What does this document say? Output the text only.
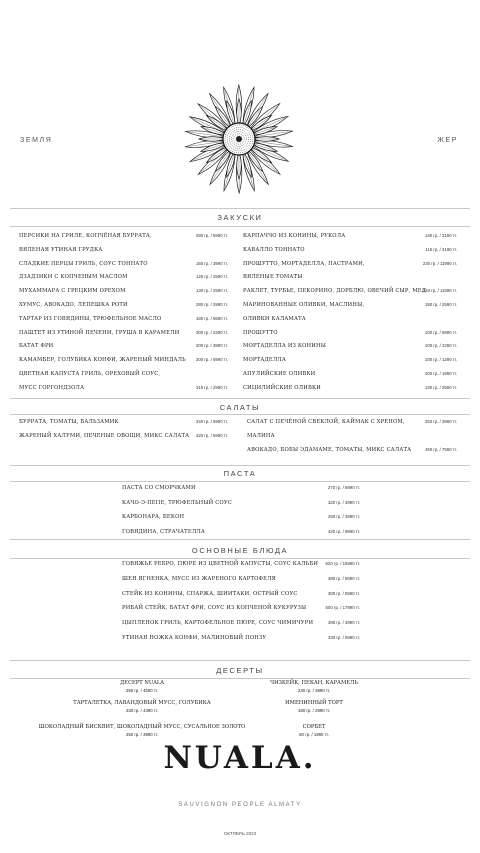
ЗЕМЛЯ	ЖЕР
ЗАКУСКИ
ПЕРСИКИ НА ГРИЛЕ, КОПЧЁНАЯ БУРРАТА,	280 гр. / 5990 тг.
ВЯЛЕНАЯ УТИНАЯ ГРУДКА
СЛАДКИЕ ПЕРЦЫ ГРИЛЬ, СОУС ТОННАТО	160 гр. / 3990 тг.
ДЗАДЗИКИ С КОПЧЕНЫМ МАСЛОМ	125 гр. / 2590 тг.
МУХАММАРА С ГРЕЦКИМ ОРЕХОМ	130 гр. / 2590 тг.
ХУМУС, АВОКАДО, ЛЕПЕШКА РОТИ	280 гр. / 2990 тг.
ТАРТАР ИЗ ГОВЯДИНЫ, ТРЮФЕЛЬНОЕ МАСЛО	180 гр. / 6590 тг.
ПАШТЕТ ИЗ УТИНОЙ ПЕЧЕНИ, ГРУША В КАРАМЕЛИ	300 гр. / 2290 тг.
БАТАТ ФРИ	200 гр. / 3990 тг.
КАМАМБЕР, ГОЛУБИКА КОНФИ, ЖАРЕНЫЙ МИНДАЛЬ 200 гр. / 6990 тг.
ЦВЕТНАЯ КАПУСТА ГРИЛЬ, ОРЕХОВЫЙ СОУС,
МУСС ГОРГОНДЗОЛА	310 гр. / 2990 тг.
КАРПАЧЧО ИЗ КОНИНЫ, РУКОЛА	140 гр. / 3190 тг.
КАВАЛЛО ТОННАТО	115 гр. / 3190 тг.
ПРОШУТТО, МОРТАДЕЛЛА, ПАСТРАМИ,	230 гр. / 11990 тг.
ВЯЛЕНЫЕ ТОМАТЫ
РАКЛЕТ, ТУРБЬЕ, ПЕКОРИНО, ДОРБЛЮ, ОВЕЧИЙ СЫР, МЕД
210 гр. / 11990 тг.
МАРИНОВАННЫЕ ОЛИВКИ, МАСЛИНЫ,	150 гр. / 2590 тг.
ОЛИВКИ КАЛАМАТА
ПРОШУТТО	100 гр. / 6990 тг.
МОРТАДЕЛЛА ИЗ КОНИНЫ	100 гр. / 2290 тг.
МОРТАДЕЛЛА	100 гр. / 1290 тг.
АПУЛИЙСКИЕ ОЛИВКИ	100 гр. / 1990 тг.
СИЦИЛИЙСКИЕ ОЛИВКИ	130 гр. / 2590 тг.
САЛАТЫ
БУРРАТА, ТОМАТЫ, БАЛЬЗАМИК	340 гр. / 6990 тг.
ЖАРЕНЫЙ ХАЛУМИ, ПЕЧЕНЫЕ ОВОЩИ, МИКС САЛАТА 420 гр. / 6990 тг.
САЛАТ С ПЕЧЁНОЙ СВЕКЛОЙ, КАЙМАК С ХРЕНОМ,	250 гр. / 3990 тг.
МАЛИНА
АВОКАДО, БОБЫ ЭДАМАМЕ, ТОМАТЫ, МИКС САЛАТА	450 гр. / 7590 тг.
ПАСТА
ПАСТА СО СМОРЧКАМИ	270 гр. / 6990 тг.
КАЧО-Э-ПЕПЕ, ТРЮФЕЛЬНЫЙ СОУС	320 гр. / 4990 тг.
КАРБОНАРА, БЕКОН	250 гр. / 3990 тг.
ГОВЯДИНА, СТРАЧАТЕЛЛА	420 гр. / 9990 тг.
ОСНОВНЫЕ БЛЮДА
ГОВЯЖЬЕ РЕБРО, ПЮРЕ ИЗ ЦВЕТНОЙ КАПУСТЫ, СОУС КАЛЬБИ 620 гр. / 15990 тг.
ШЕЯ ЯГНЕНКА, МУСС ИЗ ЖАРЕНОГО КАРТОФЕЛЯ	380 гр. / 5590 тг.
СТЕЙК ИЗ КОНИНЫ, СПАРЖА, ШИИТАКИ, ОСТРЫЙ СОУС	300 гр. / 5990 тг.
РИБАЙ СТЕЙК, БАТАТ ФРИ, СОУС ИЗ КОПЧЕНОЙ КУКУРУЗЫ	500 гр. / 17990 тг.
ЦЫПЛЕНОК ГРИЛЬ, КАРТОФЕЛЬНОЕ ПЮРЕ, СОУС ЧИМИЧУРИ	390 гр. / 4990 тг.
УТИНАЯ НОЖКА КОНФИ, МАЛИНОВЫЙ ПОНЗУ	330 гр. / 5990 тг.
ДЕСЕРТЫ
ДЕСЕРТ NUALA
250 гр. / 4590 тг.
ТАРТАЛЕТКА, ЛАВАНДОВЫЙ МУСС, ГОЛУБИКА
230 гр. / 4390 тг.
ШОКОЛАДНЫЙ БИСКВИТ, ШОКОЛАДНЫЙ МУСС, СУСАЛЬНОЕ ЗОЛОТО
250 гр. / 3990 тг.
ЧИЗКЕЙК, ПЕКАН, КАРАМЕЛЬ
230 гр. / 3990 тг.
ИМЕНИННЫЙ ТОРТ
180 гр. / 2990 тг.
СОРБЕТ
60 гр. / 1990 тг.
NUALA.
SAUVIGNON PEOPLE ALMATY
ОКТЯБРЬ 2023
